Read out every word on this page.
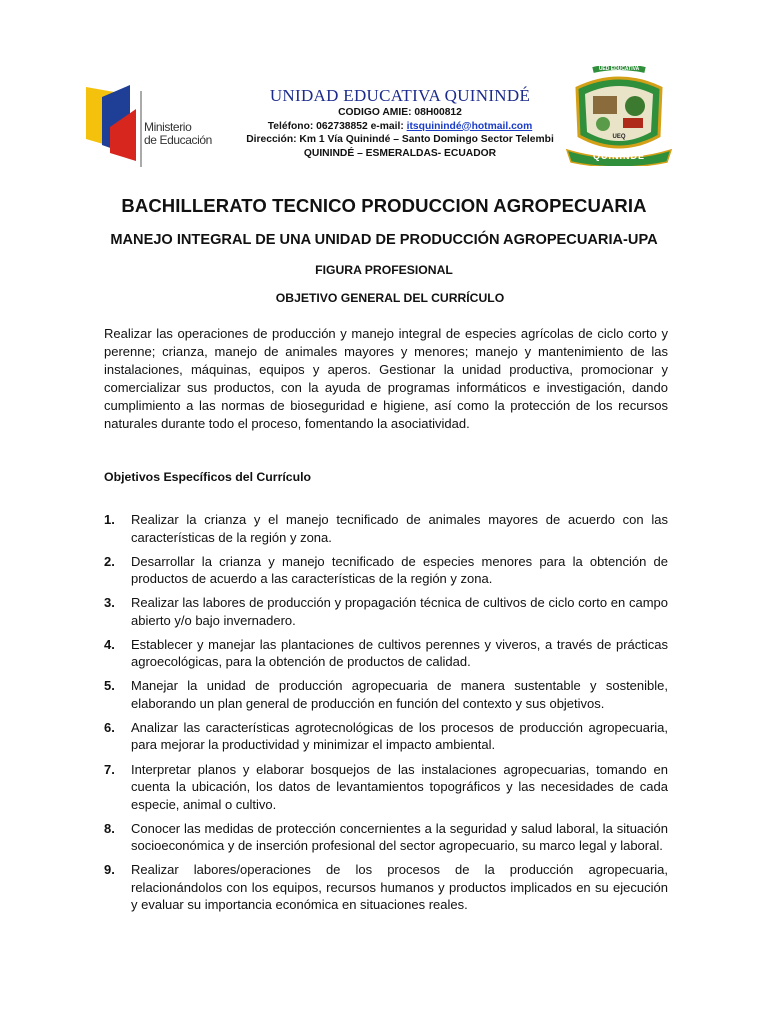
Ministerio
de Educación
UNIDAD EDUCATIVA QUININDÉ
CODIGO AMIE: 08H00812
Teléfono: 062738852 e-mail: itsquinindé@hotmail.com
Dirección: Km 1 Vía Quinindé – Santo Domingo Sector Telembi
QUININDÉ – ESMERALDAS- ECUADOR
UED EDUCATIVA
UEQ
QUININDE
BACHILLERATO TECNICO PRODUCCION AGROPECUARIA
MANEJO INTEGRAL DE UNA UNIDAD DE PRODUCCIÓN AGROPECUARIA-UPA
FIGURA PROFESIONAL
OBJETIVO GENERAL DEL CURRÍCULO
Realizar las operaciones de producción y manejo integral de especies agrícolas de ciclo corto y perenne; crianza, manejo de animales mayores y menores; manejo y mantenimiento de las instalaciones, máquinas, equipos y aperos. Gestionar la unidad productiva, promocionar y comercializar sus productos, con la ayuda de programas informáticos e investigación, dando cumplimiento a las normas de bioseguridad e higiene, así como la protección de los recursos naturales durante todo el proceso, fomentando la asociatividad.
Objetivos Específicos del Currículo
1. Realizar la crianza y el manejo tecnificado de animales mayores de acuerdo con las características de la región y zona.
2. Desarrollar la crianza y manejo tecnificado de especies menores para la obtención de productos de acuerdo a las características de la región y zona.
3. Realizar las labores de producción y propagación técnica de cultivos de ciclo corto en campo abierto y/o bajo invernadero.
4. Establecer y manejar las plantaciones de cultivos perennes y viveros, a través de prácticas agroecológicas, para la obtención de productos de calidad.
5. Manejar la unidad de producción agropecuaria de manera sustentable y sostenible, elaborando un plan general de producción en función del contexto y sus objetivos.
6. Analizar las características agrotecnológicas de los procesos de producción agropecuaria, para mejorar la productividad y minimizar el impacto ambiental.
7. Interpretar planos y elaborar bosquejos de las instalaciones agropecuarias, tomando en cuenta la ubicación, los datos de levantamientos topográficos y las necesidades de cada especie, animal o cultivo.
8. Conocer las medidas de protección concernientes a la seguridad y salud laboral, la situación socioeconómica y de inserción profesional del sector agropecuario, su marco legal y laboral.
9. Realizar labores/operaciones de los procesos de la producción agropecuaria, relacionándolos con los equipos, recursos humanos y productos implicados en su ejecución y evaluar su importancia económica en situaciones reales.
